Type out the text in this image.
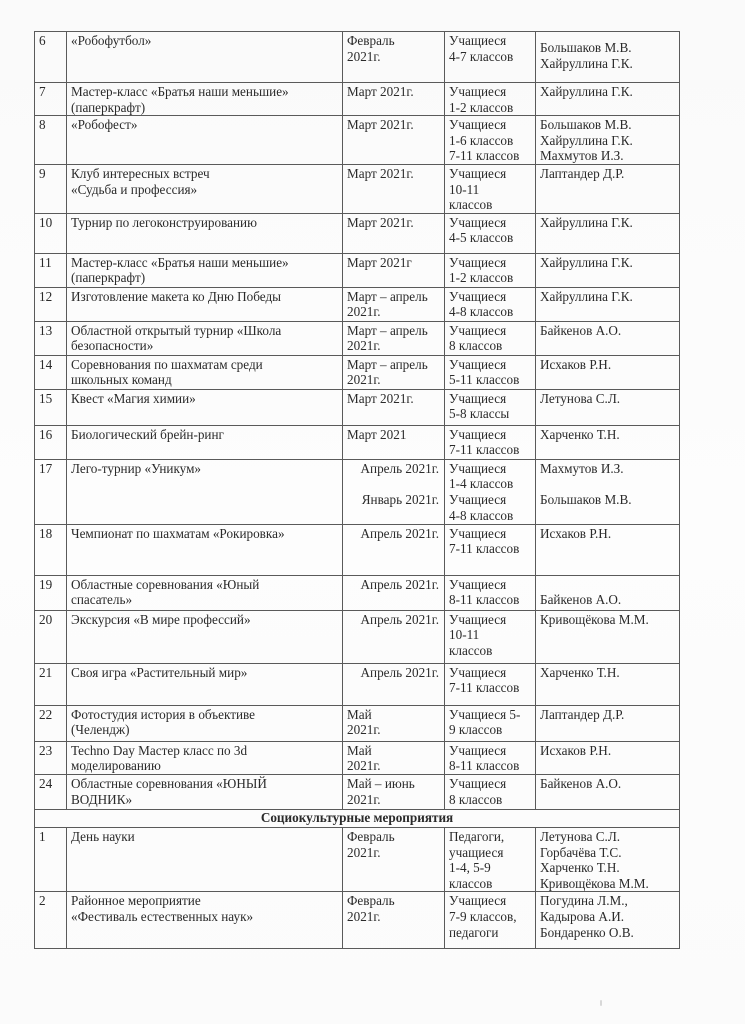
6	«Робофутбол»	Февраль
2021г.	Учащиеся
4-7 классов	Большаков М.В.
Хайруллина Г.К.

7	Мастер-класс «Братья наши меньшие»
(паперкрафт)	Март 2021г.	Учащиеся
1-2 классов	Хайруллина Г.К.

8	«Робофест»	Март 2021г.	Учащиеся
1-6 классов
7-11 классов	Большаков М.В.
Хайруллина Г.К.
Махмутов И.З.

9	Клуб интересных встреч
«Судьба и профессия»	Март 2021г.	Учащиеся
10-11
классов	Лаптандер Д.Р.

10	Турнир по легоконструированию	Март 2021г.	Учащиеся
4-5 классов	Хайруллина Г.К.

11	Мастер-класс «Братья наши меньшие»
(паперкрафт)	Март 2021г	Учащиеся
1-2 классов	Хайруллина Г.К.

12	Изготовление макета ко Дню Победы	Март – апрель
2021г.	Учащиеся
4-8 классов	Хайруллина Г.К.

13	Областной открытый турнир «Школа
безопасности»	Март – апрель
2021г.	Учащиеся
8 классов	Байкенов А.О.

14	Соревнования по шахматам среди
школьных команд	Март – апрель
2021г.	Учащиеся
5-11 классов	Исхаков Р.Н.

15	Квест «Магия химии»	Март 2021г.	Учащиеся
5-8 классы	Летунова С.Л.

16	Биологический брейн-ринг	Март 2021	Учащиеся
7-11 классов	Харченко Т.Н.

17	Лего-турнир «Уникум»	Апрель 2021г.
Январь 2021г.	Учащиеся
1-4 классов
Учащиеся
4-8 классов	Махмутов И.З.
Большаков М.В.

18	Чемпионат по шахматам «Рокировка»	Апрель 2021г.	Учащиеся
7-11 классов	Исхаков Р.Н.

19	Областные соревнования «Юный
спасатель»	Апрель 2021г.	Учащиеся
8-11 классов	Байкенов А.О.

20	Экскурсия «В мире профессий»	Апрель 2021г.	Учащиеся
10-11
классов	Кривощёкова М.М.

21	Своя игра «Растительный мир»	Апрель 2021г.	Учащиеся
7-11 классов	Харченко Т.Н.

22	Фотостудия история в объективе
(Челендж)	Май
2021г.	Учащиеся 5-
9 классов	Лаптандер Д.Р.

23	Techno Day Мастер класс по 3d
моделированию	Май
2021г.	Учащиеся
8-11 классов	Исхаков Р.Н.

24	Областные соревнования «ЮНЫЙ
ВОДНИК»	Май – июнь
2021г.	Учащиеся
8 классов	Байкенов А.О.

Социокультурные мероприятия				
1	День науки	Февраль
2021г.	Педагоги,
учащиеся
1-4, 5-9
классов	Летунова С.Л.
Горбачёва Т.С.
Харченко Т.Н.
Кривощёкова М.М.

2	Районное мероприятие
«Фестиваль естественных наук»	Февраль
2021г.	Учащиеся
7-9 классов,
педагоги	Погудина Л.М.,
Кадырова А.И.
Бондаренко О.В.
